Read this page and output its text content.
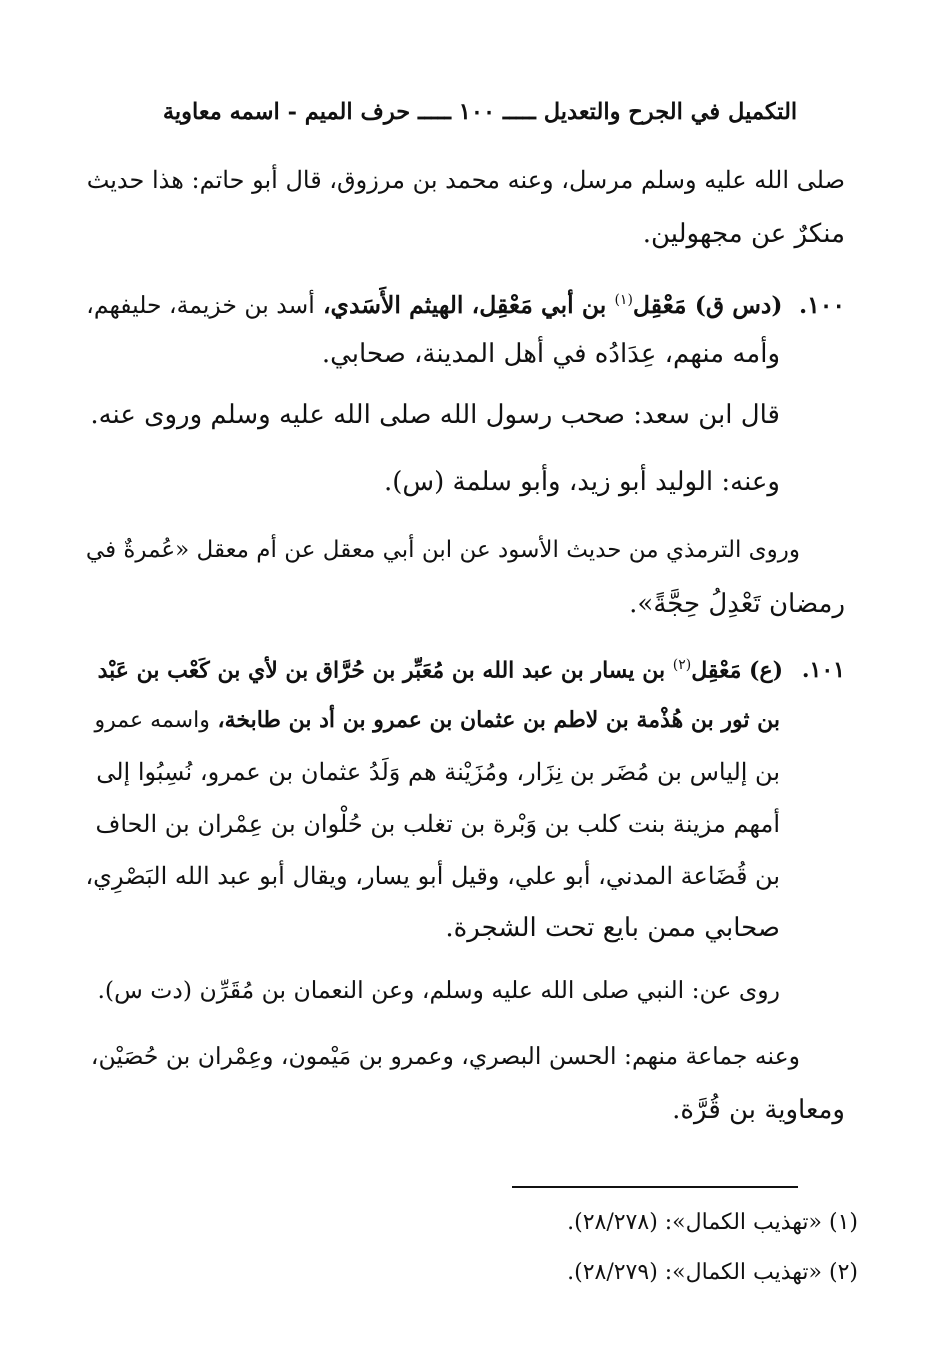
التكميل في الجرح والتعديل ـــــ ١٠٠ ـــــ حرف الميم - اسمه معاوية
صلى الله عليه وسلم مرسل، وعنه محمد بن مرزوق، قال أبو حاتم: هذا حديث
منكرٌ عن مجهولين.
١٠٠. (دس ق) مَعْقِل$^{(١)}$ بن أبي مَعْقِل، الهيثم الأَسَدي، أسد بن خزيمة، حليفهم،
وأمه منهم، عِدَادُه في أهل المدينة، صحابي.
قال ابن سعد: صحب رسول الله صلى الله عليه وسلم وروى عنه.
وعنه: الوليد أبو زيد، وأبو سلمة (س).
وروى الترمذي من حديث الأسود عن ابن أبي معقل عن أم معقل «عُمرةٌ في
رمضان تَعْدِلُ حِجَّةً».
١٠١. (ع) مَعْقِل$^{(٢)}$ بن يسار بن عبد الله بن مُعَبِّر بن حُرَّاق بن لأي بن كَعْب بن عَبْد
بن ثور بن هُذْمة بن لاطم بن عثمان بن عمرو بن أد بن طابخة، واسمه عمرو
بن إلياس بن مُضَر بن نِزَار، ومُزَيْنة هم وَلَدُ عثمان بن عمرو، نُسِبُوا إلى
أمهم مزينة بنت كلب بن وَبْرة بن تغلب بن حُلْوان بن عِمْران بن الحاف
بن قُضَاعة المدني، أبو علي، وقيل أبو يسار، ويقال أبو عبد الله البَصْرِي،
صحابي ممن بايع تحت الشجرة.
روى عن: النبي صلى الله عليه وسلم، وعن النعمان بن مُقَرِّن (دت س).
وعنه جماعة منهم: الحسن البصري، وعمرو بن مَيْمون، وعِمْران بن حُصَيْن،
ومعاوية بن قُرَّة.
(١) «تهذيب الكمال»: (٢٨/٢٧٨).
(٢) «تهذيب الكمال»: (٢٨/٢٧٩).
